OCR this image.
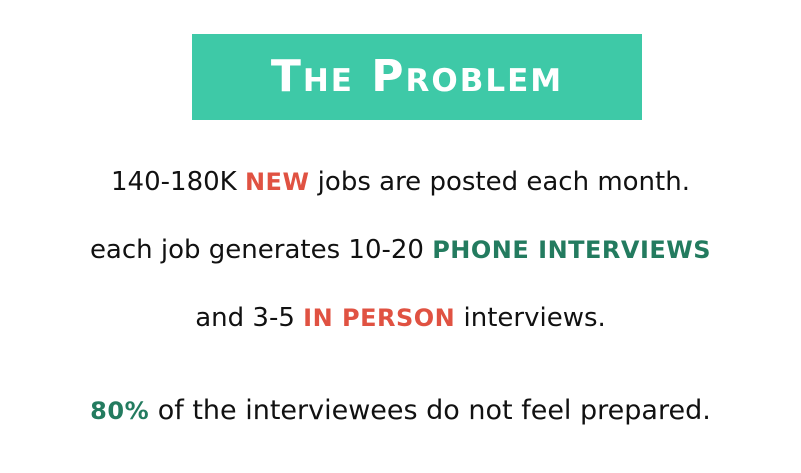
The Problem
140-180K NEW jobs are posted each month.
each job generates 10-20 PHONE INTERVIEWS
and 3-5 IN PERSON interviews.
80% of the interviewees do not feel prepared.
